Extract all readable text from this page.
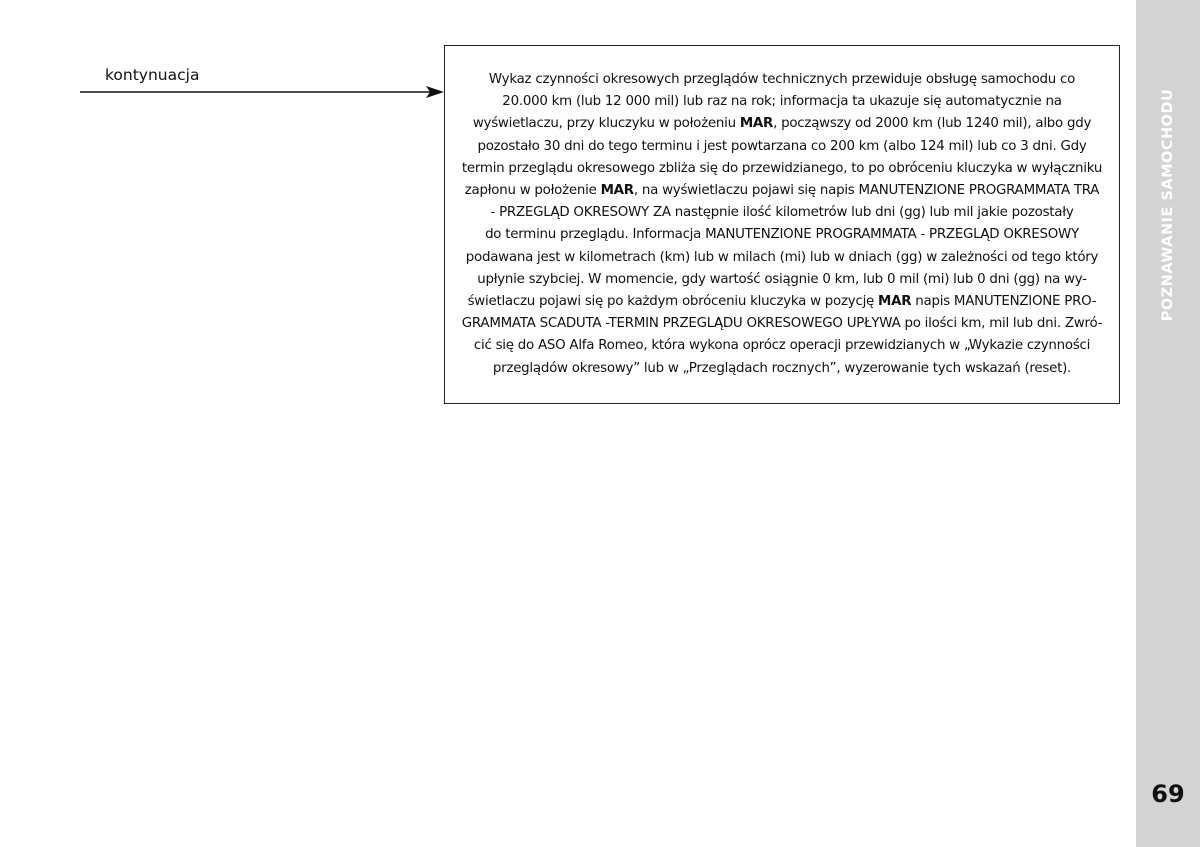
POZNAWANIE SAMOCHODU
69
kontynuacja	Wykaz czynności okresowych przeglądów technicznych przewiduje obsługę samochodu co
20.000 km (lub 12 000 mil) lub raz na rok; informacja ta ukazuje się automatycznie na
wyświetlaczu, przy kluczyku w położeniu MAR, począwszy od 2000 km (lub 1240 mil), albo gdy
pozostało 30 dni do tego terminu i jest powtarzana co 200 km (albo 124 mil) lub co 3 dni. Gdy
termin przeglądu okresowego zbliża się do przewidzianego, to po obróceniu kluczyka w wyłączniku
zapłonu w położenie MAR, na wyświetlaczu pojawi się napis MANUTENZIONE PROGRAMMATA TRA
- PRZEGLĄD OKRESOWY ZA następnie ilość kilometrów lub dni (gg) lub mil jakie pozostały
do terminu przeglądu. Informacja MANUTENZIONE PROGRAMMATA - PRZEGLĄD OKRESOWY
podawana jest w kilometrach (km) lub w milach (mi) lub w dniach (gg) w zależności od tego który
upłynie szybciej. W momencie, gdy wartość osiągnie 0 km, lub 0 mil (mi) lub 0 dni (gg) na wy-
świetlaczu pojawi się po każdym obróceniu kluczyka w pozycję MAR napis MANUTENZIONE PRO-
GRAMMATA SCADUTA -TERMIN PRZEGLĄDU OKRESOWEGO UPŁYWA po ilości km, mil lub dni. Zwró-
cić się do ASO Alfa Romeo, która wykona oprócz operacji przewidzianych w „Wykazie czynności
przeglądów okresowy” lub w „Przeglądach rocznych”, wyzerowanie tych wskazań (reset).
